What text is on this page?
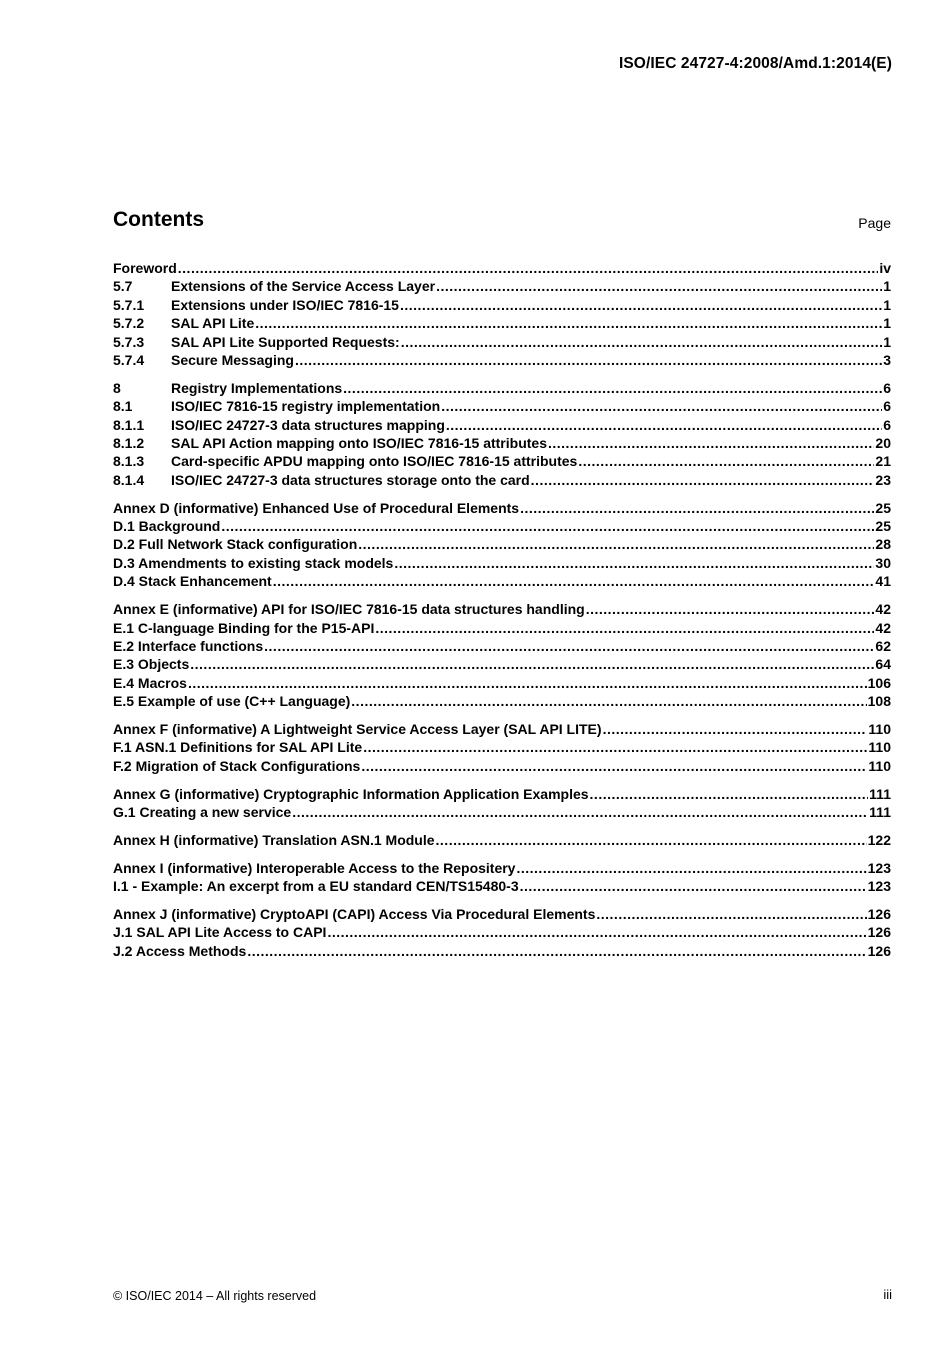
ISO/IEC 24727-4:2008/Amd.1:2014(E)
Contents	Page
Foreword .....	iv
5.7	Extensions of the Service Access Layer .....	1
5.7.1	Extensions under ISO/IEC 7816-15 .....	1
5.7.2	SAL API Lite .....	1
5.7.3	SAL API Lite Supported Requests: .....	1
5.7.4	Secure Messaging .....	3
8	Registry Implementations .....	6
8.1	ISO/IEC 7816-15 registry implementation .....	6
8.1.1	ISO/IEC 24727-3 data structures mapping .....	6
8.1.2	SAL API Action mapping onto ISO/IEC 7816-15 attributes .....	20
8.1.3	Card-specific APDU mapping onto ISO/IEC 7816-15 attributes .....	21
8.1.4	ISO/IEC 24727-3 data structures storage onto the card .....	23
Annex D (informative) Enhanced Use of Procedural Elements .....	25
D.1 Background .....	25
D.2 Full Network Stack configuration .....	28
D.3 Amendments to existing stack models .....	30
D.4 Stack Enhancement .....	41
Annex E (informative) API for ISO/IEC 7816-15 data structures handling .....	42
E.1 C-language Binding for the P15-API .....	42
E.2 Interface functions .....	62
E.3 Objects .....	64
E.4 Macros .....	106
E.5 Example of use (C++ Language) .....	108
Annex F (informative) A Lightweight Service Access Layer (SAL API LITE) .....	110
F.1 ASN.1 Definitions for SAL API Lite .....	110
F.2 Migration of Stack Configurations .....	110
Annex G (informative) Cryptographic Information Application Examples .....	111
G.1 Creating a new service .....	111
Annex H (informative) Translation ASN.1 Module .....	122
Annex I (informative) Interoperable Access to the Repositery .....	123
I.1 - Example: An excerpt from a EU standard CEN/TS15480-3 .....	123
Annex J (informative) CryptoAPI (CAPI) Access Via Procedural Elements .....	126
J.1 SAL API Lite Access to CAPI .....	126
J.2 Access Methods .....	126
© ISO/IEC 2014 – All rights reserved	iii
